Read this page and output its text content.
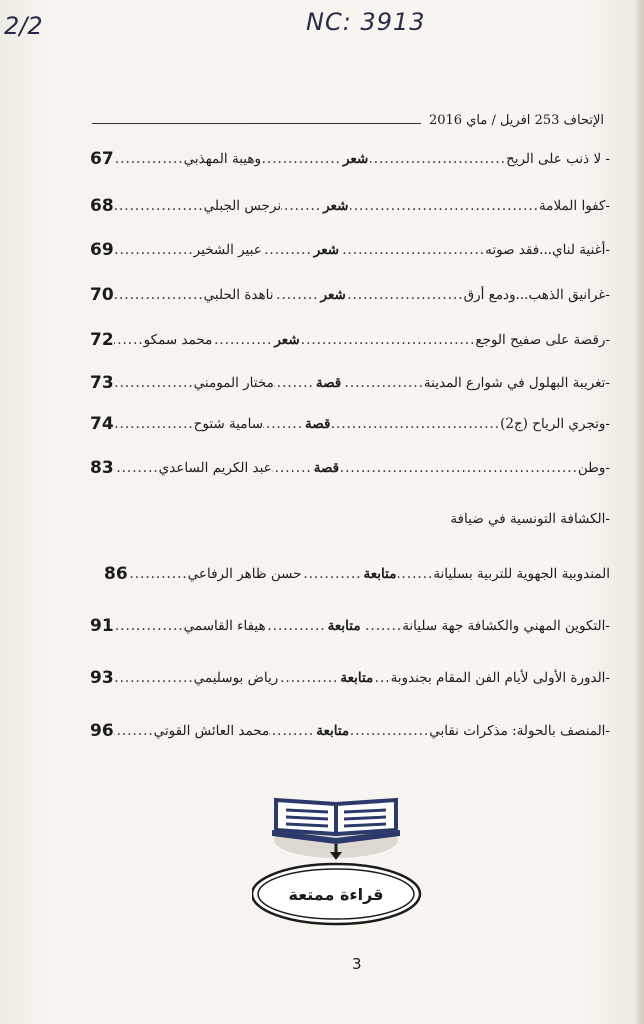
2/2	NC: 3913
الإتحاف 253 افريل / ماي 2016
- لا ذنب على الريح
.....
شعر
.....
وهيبة المهذبي
.....
67
-كفوا الملامة
.....
شعر
.....
نرجس الجبلي
.....
68
-أغنية لناي...فقد صوته
.....
شعر
.....
عبير الشخير
.....
69
-غرانيق الذهب...ودمع أرق
.....
شعر
.....
ناهدة الحلبي
.....
70
-رقصة على صفيح الوجع
.....
شعر
.....
محمد سمكو
.....
72
-تغريبة البهلول في شوارع المدينة
.....
قصة
.....
مختار المومني
.....
73
-وتجري الرياح (ج2)
.....
قصة
.....
سامية شتوح
.....
74
-وطن
.....
قصة
.....
عبد الكريم الساعدي
.....
83
-الكشافة التونسية في ضيافة
المندوبية الجهوية للتربية بسليانة
.....
متابعة
.....
حسن ظاهر الرفاعي
.....
86
-التكوين المهني والكشافة جهة سليانة
.....
متابعة
.....
هيفاء القاسمي
.....
91
-الدورة الأولى لأيام الفن المقام بجندوبة
.....
متابعة
.....
رياض بوسليمي
.....
93
-المنصف بالحولة: مذكرات نقابي
.....
متابعة
.....
محمد العائش القوتي
.....
96
قراءة ممتعة
3
